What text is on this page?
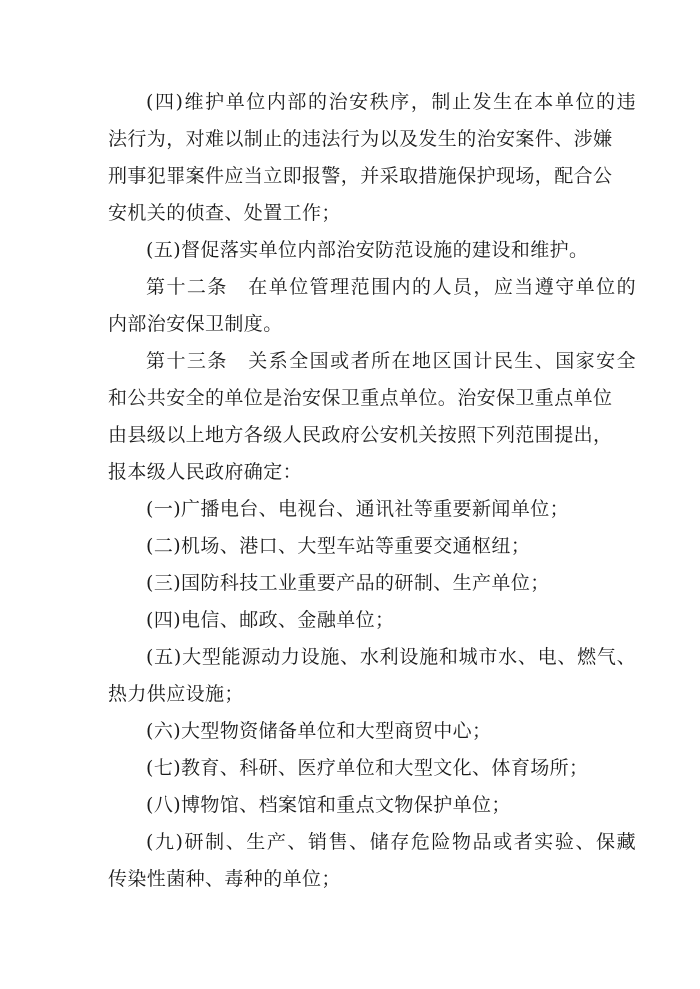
(四)维护单位内部的治安秩序，制止发生在本单位的违
法行为，对难以制止的违法行为以及发生的治安案件、涉嫌
刑事犯罪案件应当立即报警，并采取措施保护现场，配合公
安机关的侦查、处置工作；
(五)督促落实单位内部治安防范设施的建设和维护。
第十二条　在单位管理范围内的人员，应当遵守单位的
内部治安保卫制度。
第十三条　关系全国或者所在地区国计民生、国家安全
和公共安全的单位是治安保卫重点单位。治安保卫重点单位
由县级以上地方各级人民政府公安机关按照下列范围提出，
报本级人民政府确定：
(一)广播电台、电视台、通讯社等重要新闻单位；
(二)机场、港口、大型车站等重要交通枢纽；
(三)国防科技工业重要产品的研制、生产单位；
(四)电信、邮政、金融单位；
(五)大型能源动力设施、水利设施和城市水、电、燃气、
热力供应设施；
(六)大型物资储备单位和大型商贸中心；
(七)教育、科研、医疗单位和大型文化、体育场所；
(八)博物馆、档案馆和重点文物保护单位；
(九)研制、生产、销售、储存危险物品或者实验、保藏
传染性菌种、毒种的单位；
